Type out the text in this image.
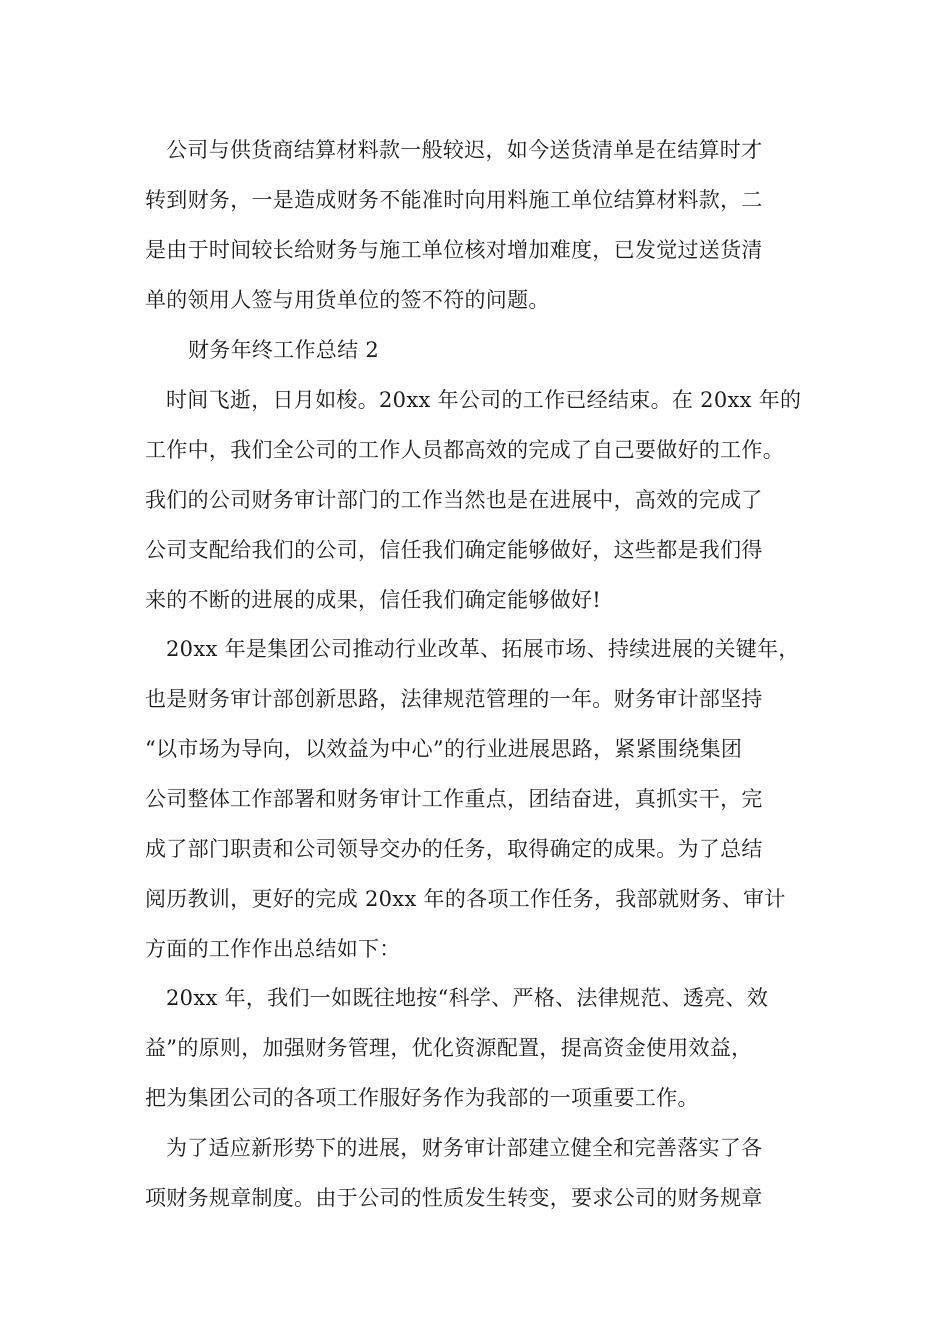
公司与供货商结算材料款一般较迟，如今送货清单是在结算时才
转到财务，一是造成财务不能准时向用料施工单位结算材料款，二
是由于时间较长给财务与施工单位核对增加难度，已发觉过送货清
单的领用人签与用货单位的签不符的问题。
财务年终工作总结 2
时间飞逝，日月如梭。20xx 年公司的工作已经结束。在 20xx 年的
工作中，我们全公司的工作人员都高效的完成了自己要做好的工作。
我们的公司财务审计部门的工作当然也是在进展中，高效的完成了
公司支配给我们的公司，信任我们确定能够做好，这些都是我们得
来的不断的进展的成果，信任我们确定能够做好!
20xx 年是集团公司推动行业改革、拓展市场、持续进展的关键年，
也是财务审计部创新思路，法律规范管理的一年。财务审计部坚持
“以市场为导向，以效益为中心”的行业进展思路，紧紧围绕集团
公司整体工作部署和财务审计工作重点，团结奋进，真抓实干，完
成了部门职责和公司领导交办的任务，取得确定的成果。为了总结
阅历教训，更好的完成 20xx 年的各项工作任务，我部就财务、审计
方面的工作作出总结如下：
20xx 年，我们一如既往地按“科学、严格、法律规范、透亮、效
益”的原则，加强财务管理，优化资源配置，提高资金使用效益，
把为集团公司的各项工作服好务作为我部的一项重要工作。
为了适应新形势下的进展，财务审计部建立健全和完善落实了各
项财务规章制度。由于公司的性质发生转变，要求公司的财务规章
